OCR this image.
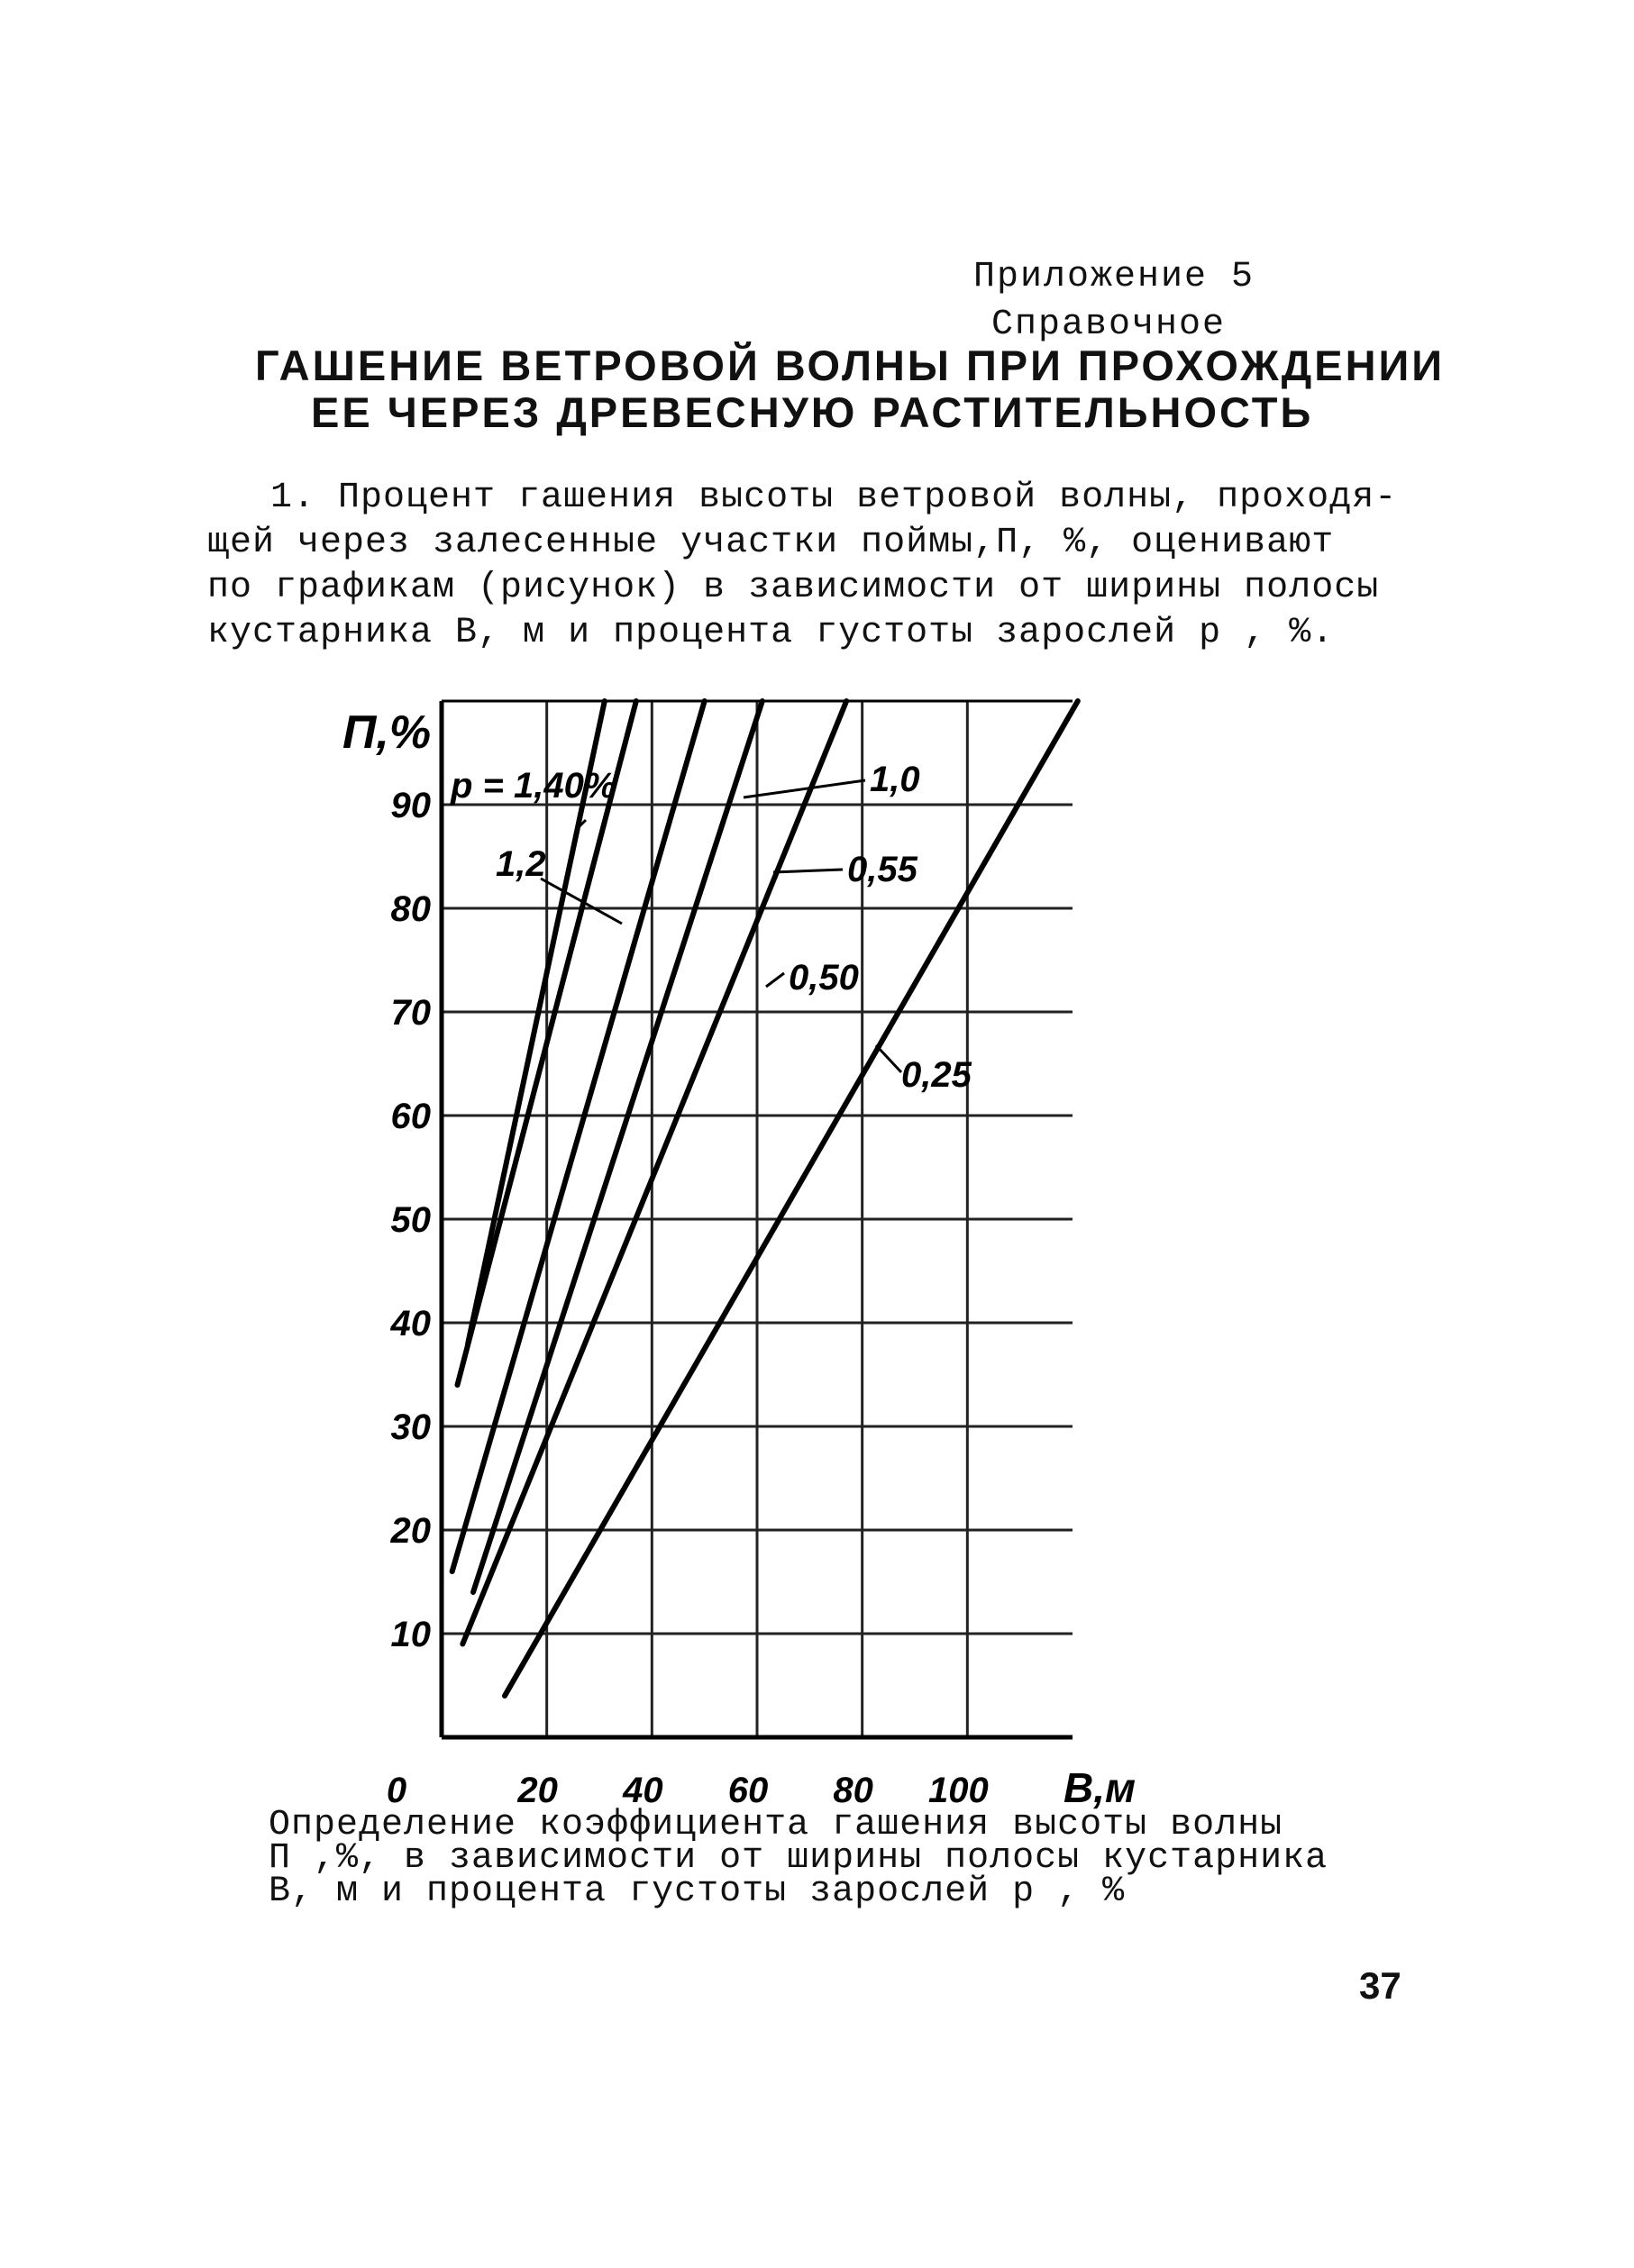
Приложение 5
Справочное
ГАШЕНИЕ ВЕТРОВОЙ ВОЛНЫ ПРИ ПРОХОЖДЕНИИ
ЕЕ ЧЕРЕЗ ДРЕВЕСНУЮ РАСТИТЕЛЬНОСТЬ
1. Процент гашения высоты ветровой волны, проходя-
щей через залесенные участки поймы,П, %, оценивают
по графикам (рисунок) в зависимости от ширины полосы
кустарника В, м и процента густоты зарослей р , %.
10
20
30
40
50
60
70
80
90
0	20 40 60 80 100
П,%
В,м
р = 1,40%
1,2
1,0
0,55
0,50
0,25
Определение коэффициента гашения высоты волны
П ,%, в зависимости от ширины полосы кустарника
В, м и процента густоты зарослей р , %
37
